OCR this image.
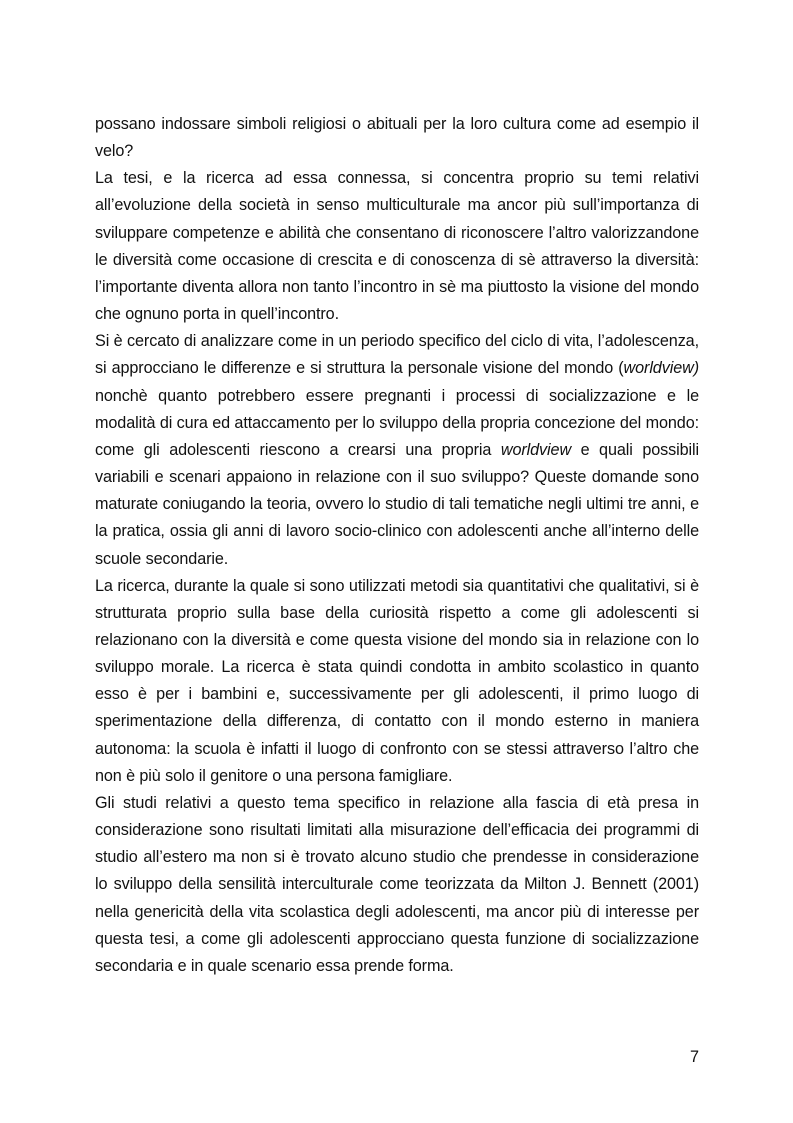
possano indossare simboli religiosi o abituali per la loro cultura come ad esempio il velo?

La tesi, e la ricerca ad essa connessa, si concentra proprio su temi relativi all’evoluzione della società in senso multiculturale ma ancor più sull’importanza di sviluppare competenze e abilità che consentano di riconoscere l’altro valorizzandone le diversità come occasione di crescita e di conoscenza di sè attraverso la diversità: l’importante diventa allora non tanto l’incontro in sè ma piuttosto la visione del mondo che ognuno porta in quell’incontro.

Si è cercato di analizzare come in un periodo specifico del ciclo di vita, l’adolescenza, si approcciano le differenze e si struttura la personale visione del mondo (worldview) nonchè quanto potrebbero essere pregnanti i processi di socializzazione e le modalità di cura ed attaccamento per lo sviluppo della propria concezione del mondo: come gli adolescenti riescono a crearsi una propria worldview e quali possibili variabili e scenari appaiono in relazione con il suo sviluppo? Queste domande sono maturate coniugando la teoria, ovvero lo studio di tali tematiche negli ultimi tre anni, e la pratica, ossia gli anni di lavoro socio-clinico con adolescenti anche all’interno delle scuole secondarie.

La ricerca, durante la quale si sono utilizzati metodi sia quantitativi che qualitativi, si è strutturata proprio sulla base della curiosità rispetto a come gli adolescenti si relazionano con la diversità e come questa visione del mondo sia in relazione con lo sviluppo morale. La ricerca è stata quindi condotta in ambito scolastico in quanto esso è per i bambini e, successivamente per gli adolescenti, il primo luogo di sperimentazione della differenza, di contatto con il mondo esterno in maniera autonoma: la scuola è infatti il luogo di confronto con se stessi attraverso l’altro che non è più solo il genitore o una persona famigliare.

Gli studi relativi a questo tema specifico in relazione alla fascia di età presa in considerazione sono risultati limitati alla misurazione dell’efficacia dei programmi di studio all’estero ma non si è trovato alcuno studio che prendesse in considerazione lo sviluppo della sensilità interculturale come teorizzata da Milton J. Bennett (2001) nella genericità della vita scolastica degli adolescenti, ma ancor più di interesse per questa tesi, a come gli adolescenti approcciano questa funzione di socializzazione secondaria e in quale scenario essa prende forma.

7
